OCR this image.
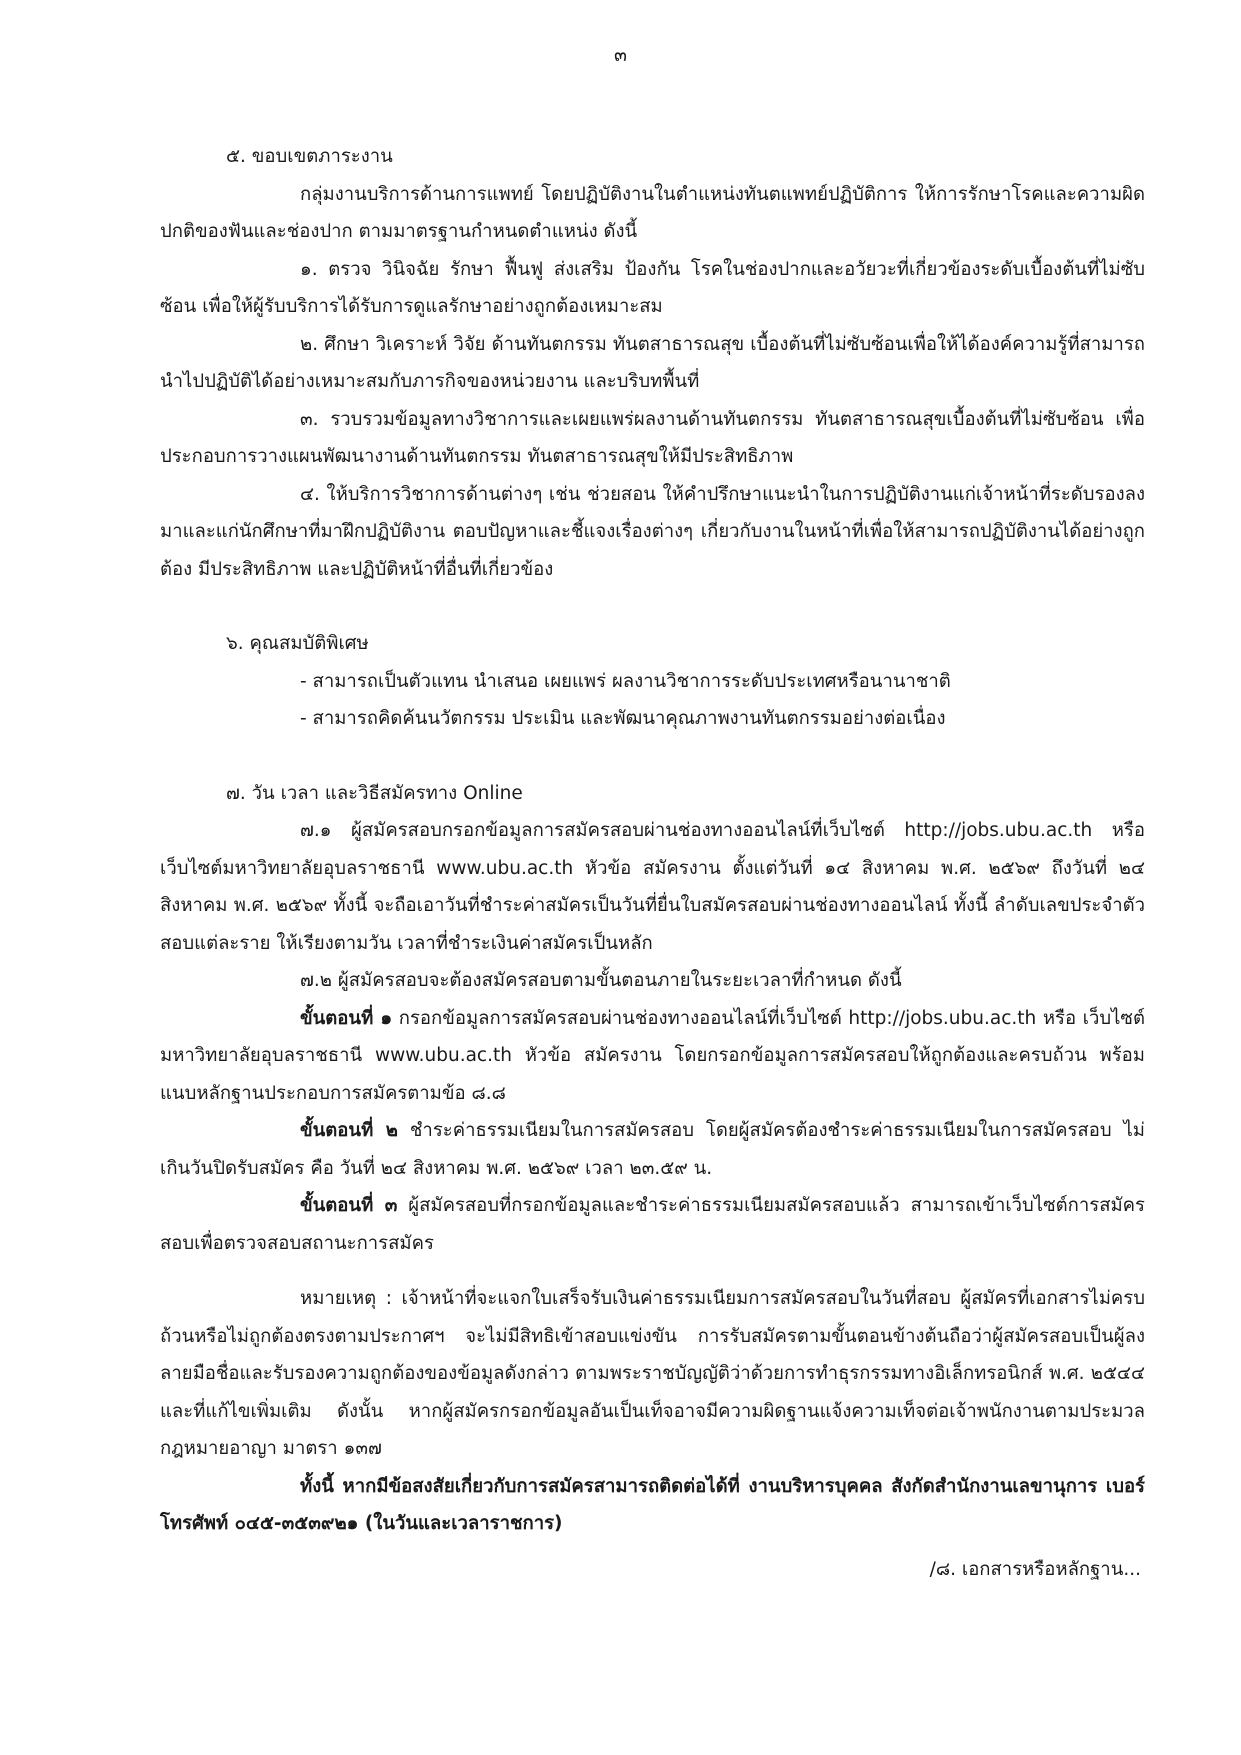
๓

๕. ขอบเขตภาระงาน

กลุ่มงานบริการด้านการแพทย์ โดยปฏิบัติงานในตำแหน่งทันตแพทย์ปฏิบัติการ ให้การรักษาโรคและความผิดปกติของฟันและช่องปาก ตามมาตรฐานกำหนดตำแหน่ง ดังนี้

๑. ตรวจ วินิจฉัย รักษา ฟื้นฟู ส่งเสริม ป้องกัน โรคในช่องปากและอวัยวะที่เกี่ยวข้องระดับเบื้องต้นที่ไม่ซับซ้อน เพื่อให้ผู้รับบริการได้รับการดูแลรักษาอย่างถูกต้องเหมาะสม

๒. ศึกษา วิเคราะห์ วิจัย ด้านทันตกรรม ทันตสาธารณสุข เบื้องต้นที่ไม่ซับซ้อนเพื่อให้ได้องค์ความรู้ที่สามารถนำไปปฏิบัติได้อย่างเหมาะสมกับภารกิจของหน่วยงาน และบริบทพื้นที่

๓. รวบรวมข้อมูลทางวิชาการและเผยแพร่ผลงานด้านทันตกรรม ทันตสาธารณสุขเบื้องต้นที่ไม่ซับซ้อน เพื่อประกอบการวางแผนพัฒนางานด้านทันตกรรม ทันตสาธารณสุขให้มีประสิทธิภาพ

๔. ให้บริการวิชาการด้านต่างๆ เช่น ช่วยสอน ให้คำปรึกษาแนะนำในการปฏิบัติงานแก่เจ้าหน้าที่ระดับรองลงมาและแก่นักศึกษาที่มาฝึกปฏิบัติงาน ตอบปัญหาและชี้แจงเรื่องต่างๆ เกี่ยวกับงานในหน้าที่เพื่อให้สามารถปฏิบัติงานได้อย่างถูกต้อง มีประสิทธิภาพ และปฏิบัติหน้าที่อื่นที่เกี่ยวข้อง

๖. คุณสมบัติพิเศษ

- สามารถเป็นตัวแทน นำเสนอ เผยแพร่ ผลงานวิชาการระดับประเทศหรือนานาชาติ

- สามารถคิดค้นนวัตกรรม ประเมิน และพัฒนาคุณภาพงานทันตกรรมอย่างต่อเนื่อง

๗. วัน เวลา และวิธีสมัครทาง Online

๗.๑ ผู้สมัครสอบกรอกข้อมูลการสมัครสอบผ่านช่องทางออนไลน์ที่เว็บไซต์ http://jobs.ubu.ac.th หรือ เว็บไซต์มหาวิทยาลัยอุบลราชธานี www.ubu.ac.th หัวข้อ สมัครงาน ตั้งแต่วันที่ ๑๔ สิงหาคม พ.ศ. ๒๕๖๙ ถึงวันที่ ๒๔ สิงหาคม พ.ศ. ๒๕๖๙ ทั้งนี้ จะถือเอาวันที่ชำระค่าสมัครเป็นวันที่ยื่นใบสมัครสอบผ่านช่องทางออนไลน์ ทั้งนี้ ลำดับเลขประจำตัวสอบแต่ละราย ให้เรียงตามวัน เวลาที่ชำระเงินค่าสมัครเป็นหลัก

๗.๒ ผู้สมัครสอบจะต้องสมัครสอบตามขั้นตอนภายในระยะเวลาที่กำหนด ดังนี้

ขั้นตอนที่ ๑ กรอกข้อมูลการสมัครสอบผ่านช่องทางออนไลน์ที่เว็บไซต์ http://jobs.ubu.ac.th หรือ เว็บไซต์มหาวิทยาลัยอุบลราชธานี www.ubu.ac.th หัวข้อ สมัครงาน โดยกรอกข้อมูลการสมัครสอบให้ถูกต้องและครบถ้วน พร้อมแนบหลักฐานประกอบการสมัครตามข้อ ๘.๘

ขั้นตอนที่ ๒ ชำระค่าธรรมเนียมในการสมัครสอบ โดยผู้สมัครต้องชำระค่าธรรมเนียมในการสมัครสอบ ไม่เกินวันปิดรับสมัคร คือ วันที่ ๒๔ สิงหาคม พ.ศ. ๒๕๖๙ เวลา ๒๓.๕๙ น.

ขั้นตอนที่ ๓ ผู้สมัครสอบที่กรอกข้อมูลและชำระค่าธรรมเนียมสมัครสอบแล้ว สามารถเข้าเว็บไซต์การสมัครสอบเพื่อตรวจสอบสถานะการสมัคร

หมายเหตุ : เจ้าหน้าที่จะแจกใบเสร็จรับเงินค่าธรรมเนียมการสมัครสอบในวันที่สอบ ผู้สมัครที่เอกสารไม่ครบถ้วนหรือไม่ถูกต้องตรงตามประกาศฯ จะไม่มีสิทธิเข้าสอบแข่งขัน การรับสมัครตามขั้นตอนข้างต้นถือว่าผู้สมัครสอบเป็นผู้ลงลายมือชื่อและรับรองความถูกต้องของข้อมูลดังกล่าว ตามพระราชบัญญัติว่าด้วยการทำธุรกรรมทางอิเล็กทรอนิกส์ พ.ศ. ๒๕๔๔ และที่แก้ไขเพิ่มเติม ดังนั้น หากผู้สมัครกรอกข้อมูลอันเป็นเท็จอาจมีความผิดฐานแจ้งความเท็จต่อเจ้าพนักงานตามประมวลกฎหมายอาญา มาตรา ๑๓๗

ทั้งนี้ หากมีข้อสงสัยเกี่ยวกับการสมัครสามารถติดต่อได้ที่ งานบริหารบุคคล สังกัดสำนักงานเลขานุการ เบอร์โทรศัพท์ ๐๔๕-๓๕๓๙๒๑ (ในวันและเวลาราชการ)

/๘. เอกสารหรือหลักฐาน...
